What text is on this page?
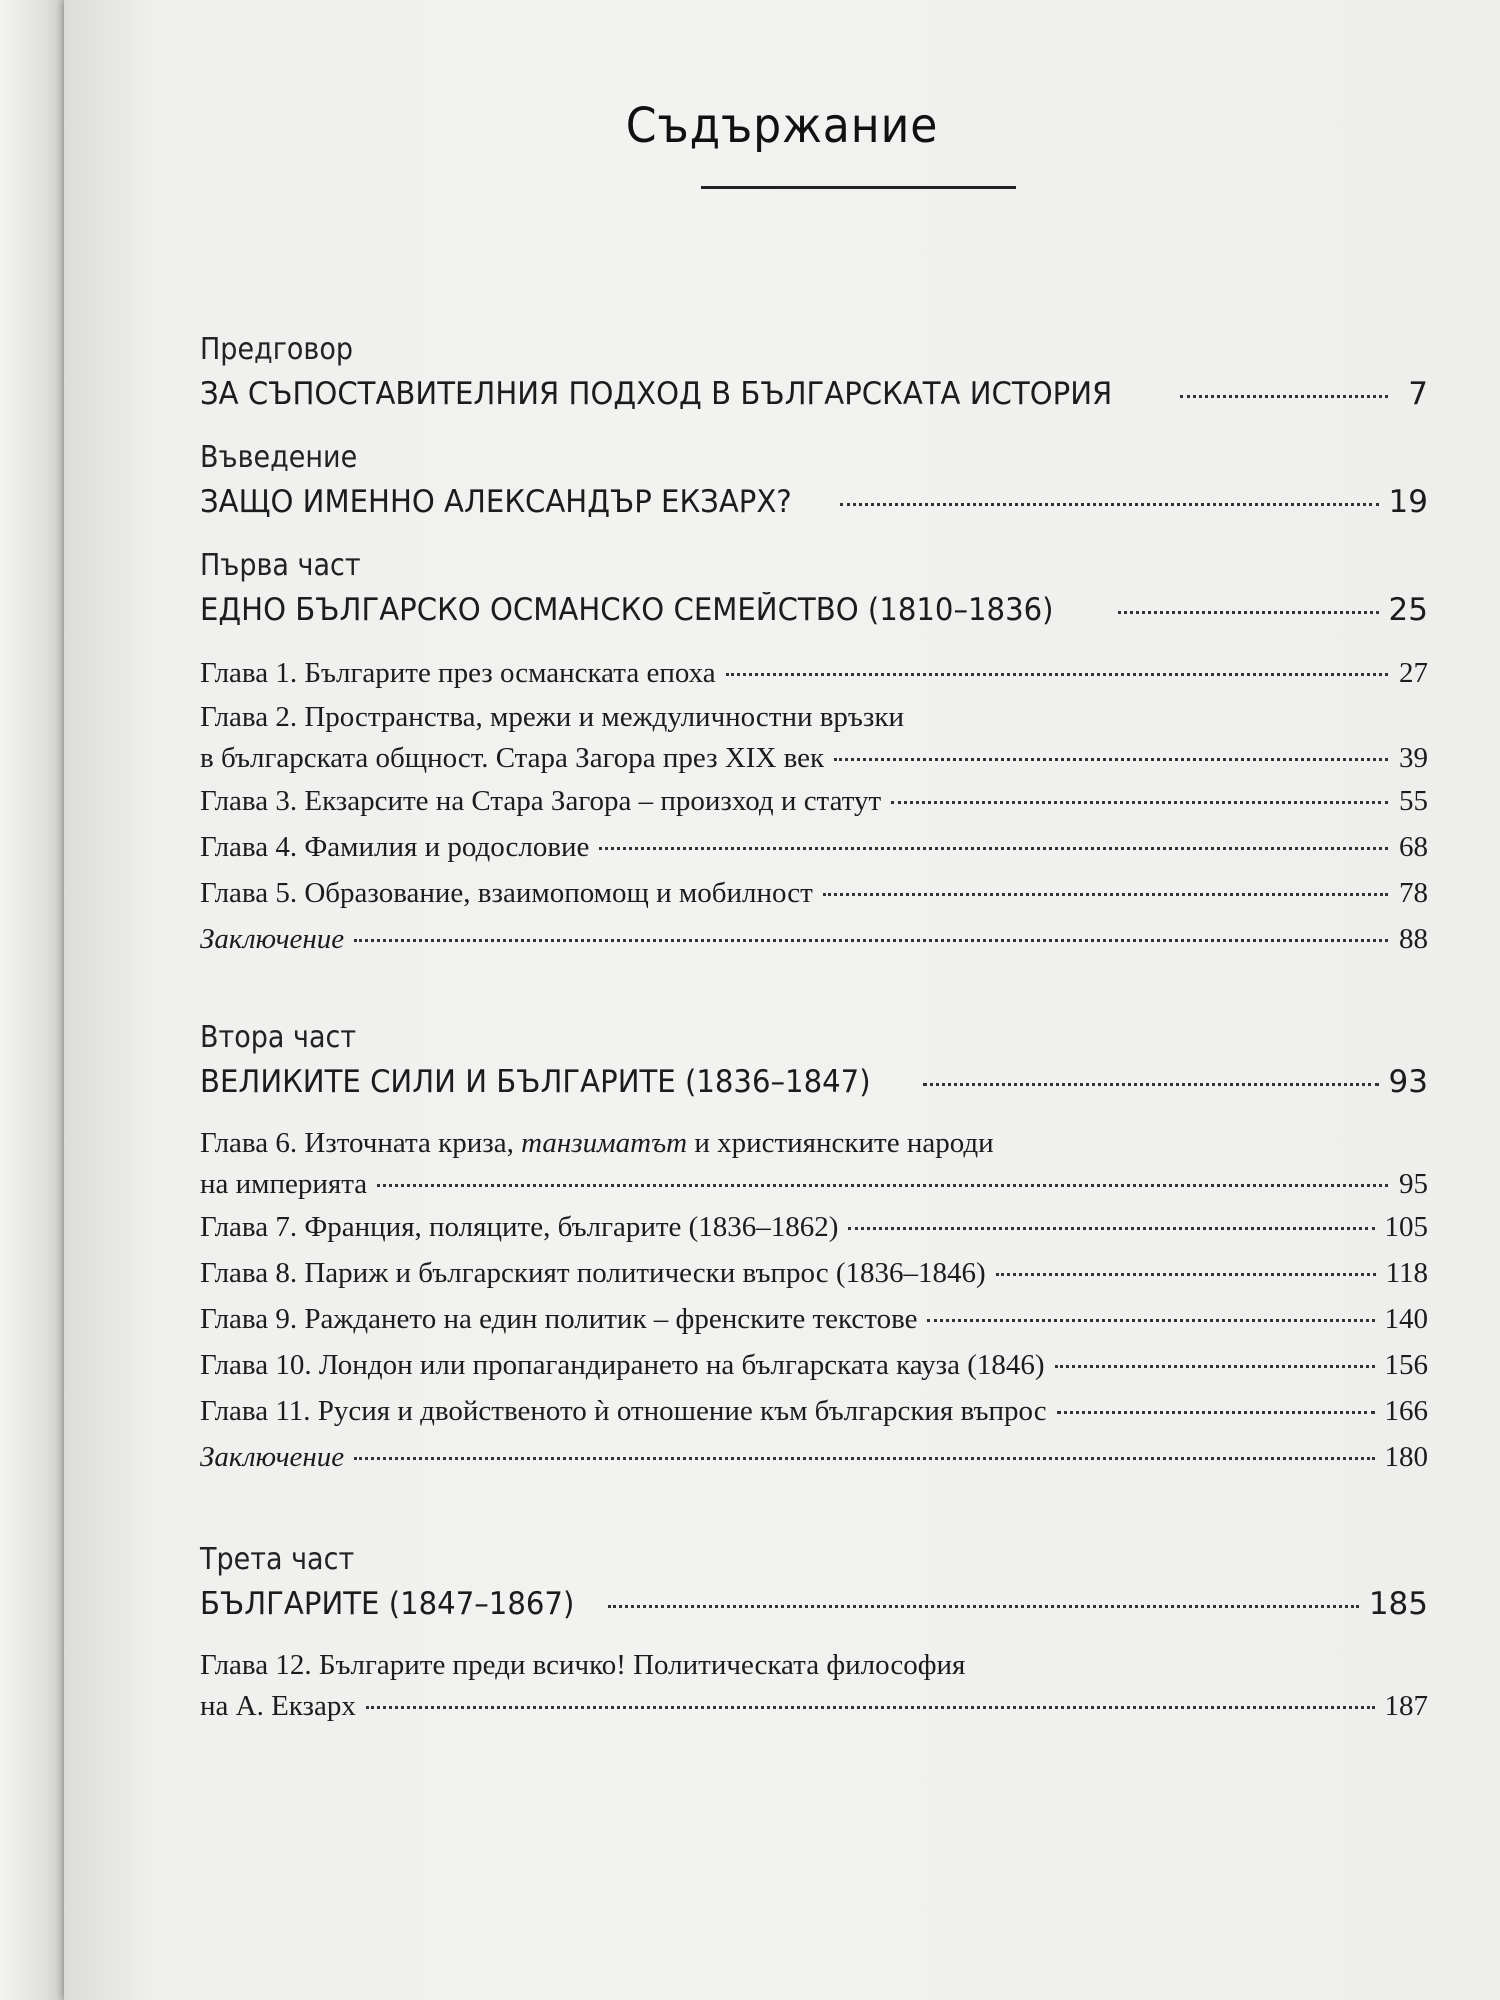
Съдържание

Предговор

ЗА СЪПОСТАВИТЕЛНИЯ ПОДХОД В БЪЛГАРСКАТА ИСТОРИЯ	7

Въведение

ЗАЩО ИМЕННО АЛЕКСАНДЪР ЕКЗАРХ?	19

Първа част

ЕДНО БЪЛГАРСКО ОСМАНСКО СЕМЕЙСТВО (1810–1836)	25
Глава 1. Българите през османската епоха	27
Глава 2. Пространства, мрежи и междуличностни връзки
в българската общност. Стара Загора през XIX век	39
Глава 3. Екзарсите на Стара Загора – произход и статут	55
Глава 4. Фамилия и родословие	68
Глава 5. Образование, взаимопомощ и мобилност	78
Заключение	88

Втора част

ВЕЛИКИТЕ СИЛИ И БЪЛГАРИТЕ (1836–1847)	93
Глава 6. Източната криза, танзиматът и християнските народи
на империята	95
Глава 7. Франция, поляците, българите (1836–1862)	105
Глава 8. Париж и българският политически въпрос (1836–1846)	118
Глава 9. Раждането на един политик – френските текстове	140
Глава 10. Лондон или пропагандирането на българската кауза (1846)	156
Глава 11. Русия и двойственото ѝ отношение към българския въпрос	166
Заключение	180

Трета част

БЪЛГАРИТЕ (1847–1867)	185
Глава 12. Българите преди всичко! Политическата философия
на А. Екзарх	187
